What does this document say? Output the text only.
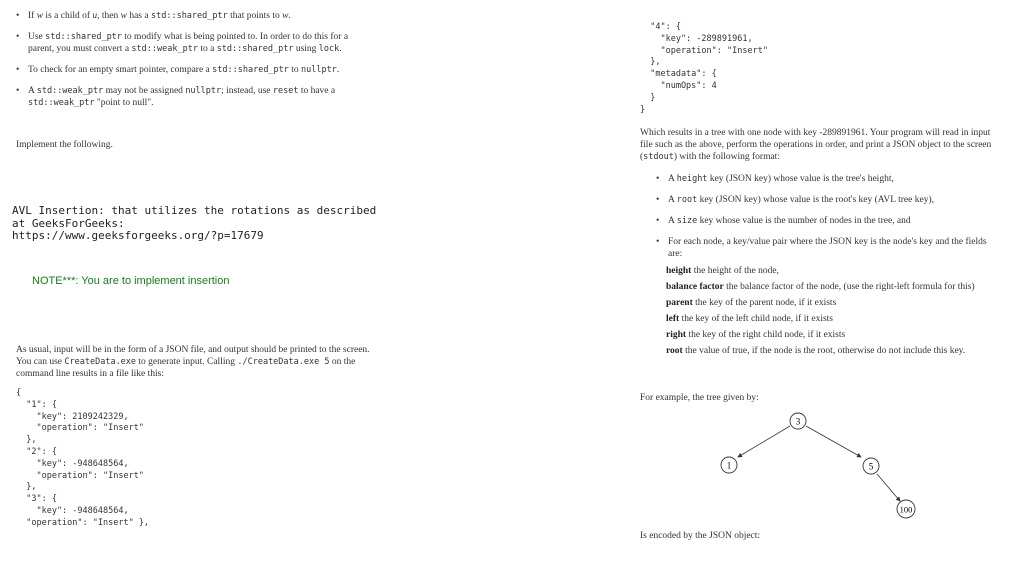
• If w is a child of u, then w has a std::shared_ptr that points to w.
• Use std::shared_ptr to modify what is being pointed to. In order to do this for a parent, you must convert a std::weak_ptr to a std::shared_ptr using lock.
• To check for an empty smart pointer, compare a std::shared_ptr to nullptr.
• A std::weak_ptr may not be assigned nullptr; instead, use reset to have a std::weak_ptr "point to null".
Implement the following.
AVL Insertion: that utilizes the rotations as described
at GeeksForGeeks:
https://www.geeksforgeeks.org/?p=17679
NOTE***: You are to implement insertion
As usual, input will be in the form of a JSON file, and output should be printed to the screen. You can use CreateData.exe to generate input. Calling ./CreateData.exe 5 on the command line results in a file like this:
{
"1": {
"key": 2109242329,
"operation": "Insert"
},
"2": {
"key": -948648564,
"operation": "Insert"
},
"3": {
"key": -948648564,
"operation": "Insert" },
"4": {
"key": -289891961,
"operation": "Insert"
},
"metadata": {
"numOps": 4
}
}
Which results in a tree with one node with key -289891961. Your program will read in input file such as the above, perform the operations in order, and print a JSON object to the screen (stdout) with the following format:
• A height key (JSON key) whose value is the tree's height,
• A root key (JSON key) whose value is the root's key (AVL tree key),
• A size key whose value is the number of nodes in the tree, and
• For each node, a key/value pair where the JSON key is the node's key and the fields are:
height the height of the node,
balance factor the balance factor of the node, (use the right-left formula for this)
parent the key of the parent node, if it exists
left the key of the left child node, if it exists
right the key of the right child node, if it exists
root the value of true, if the node is the root, otherwise do not include this key.
For example, the tree given by:
3
1	5
100
Is encoded by the JSON object:
